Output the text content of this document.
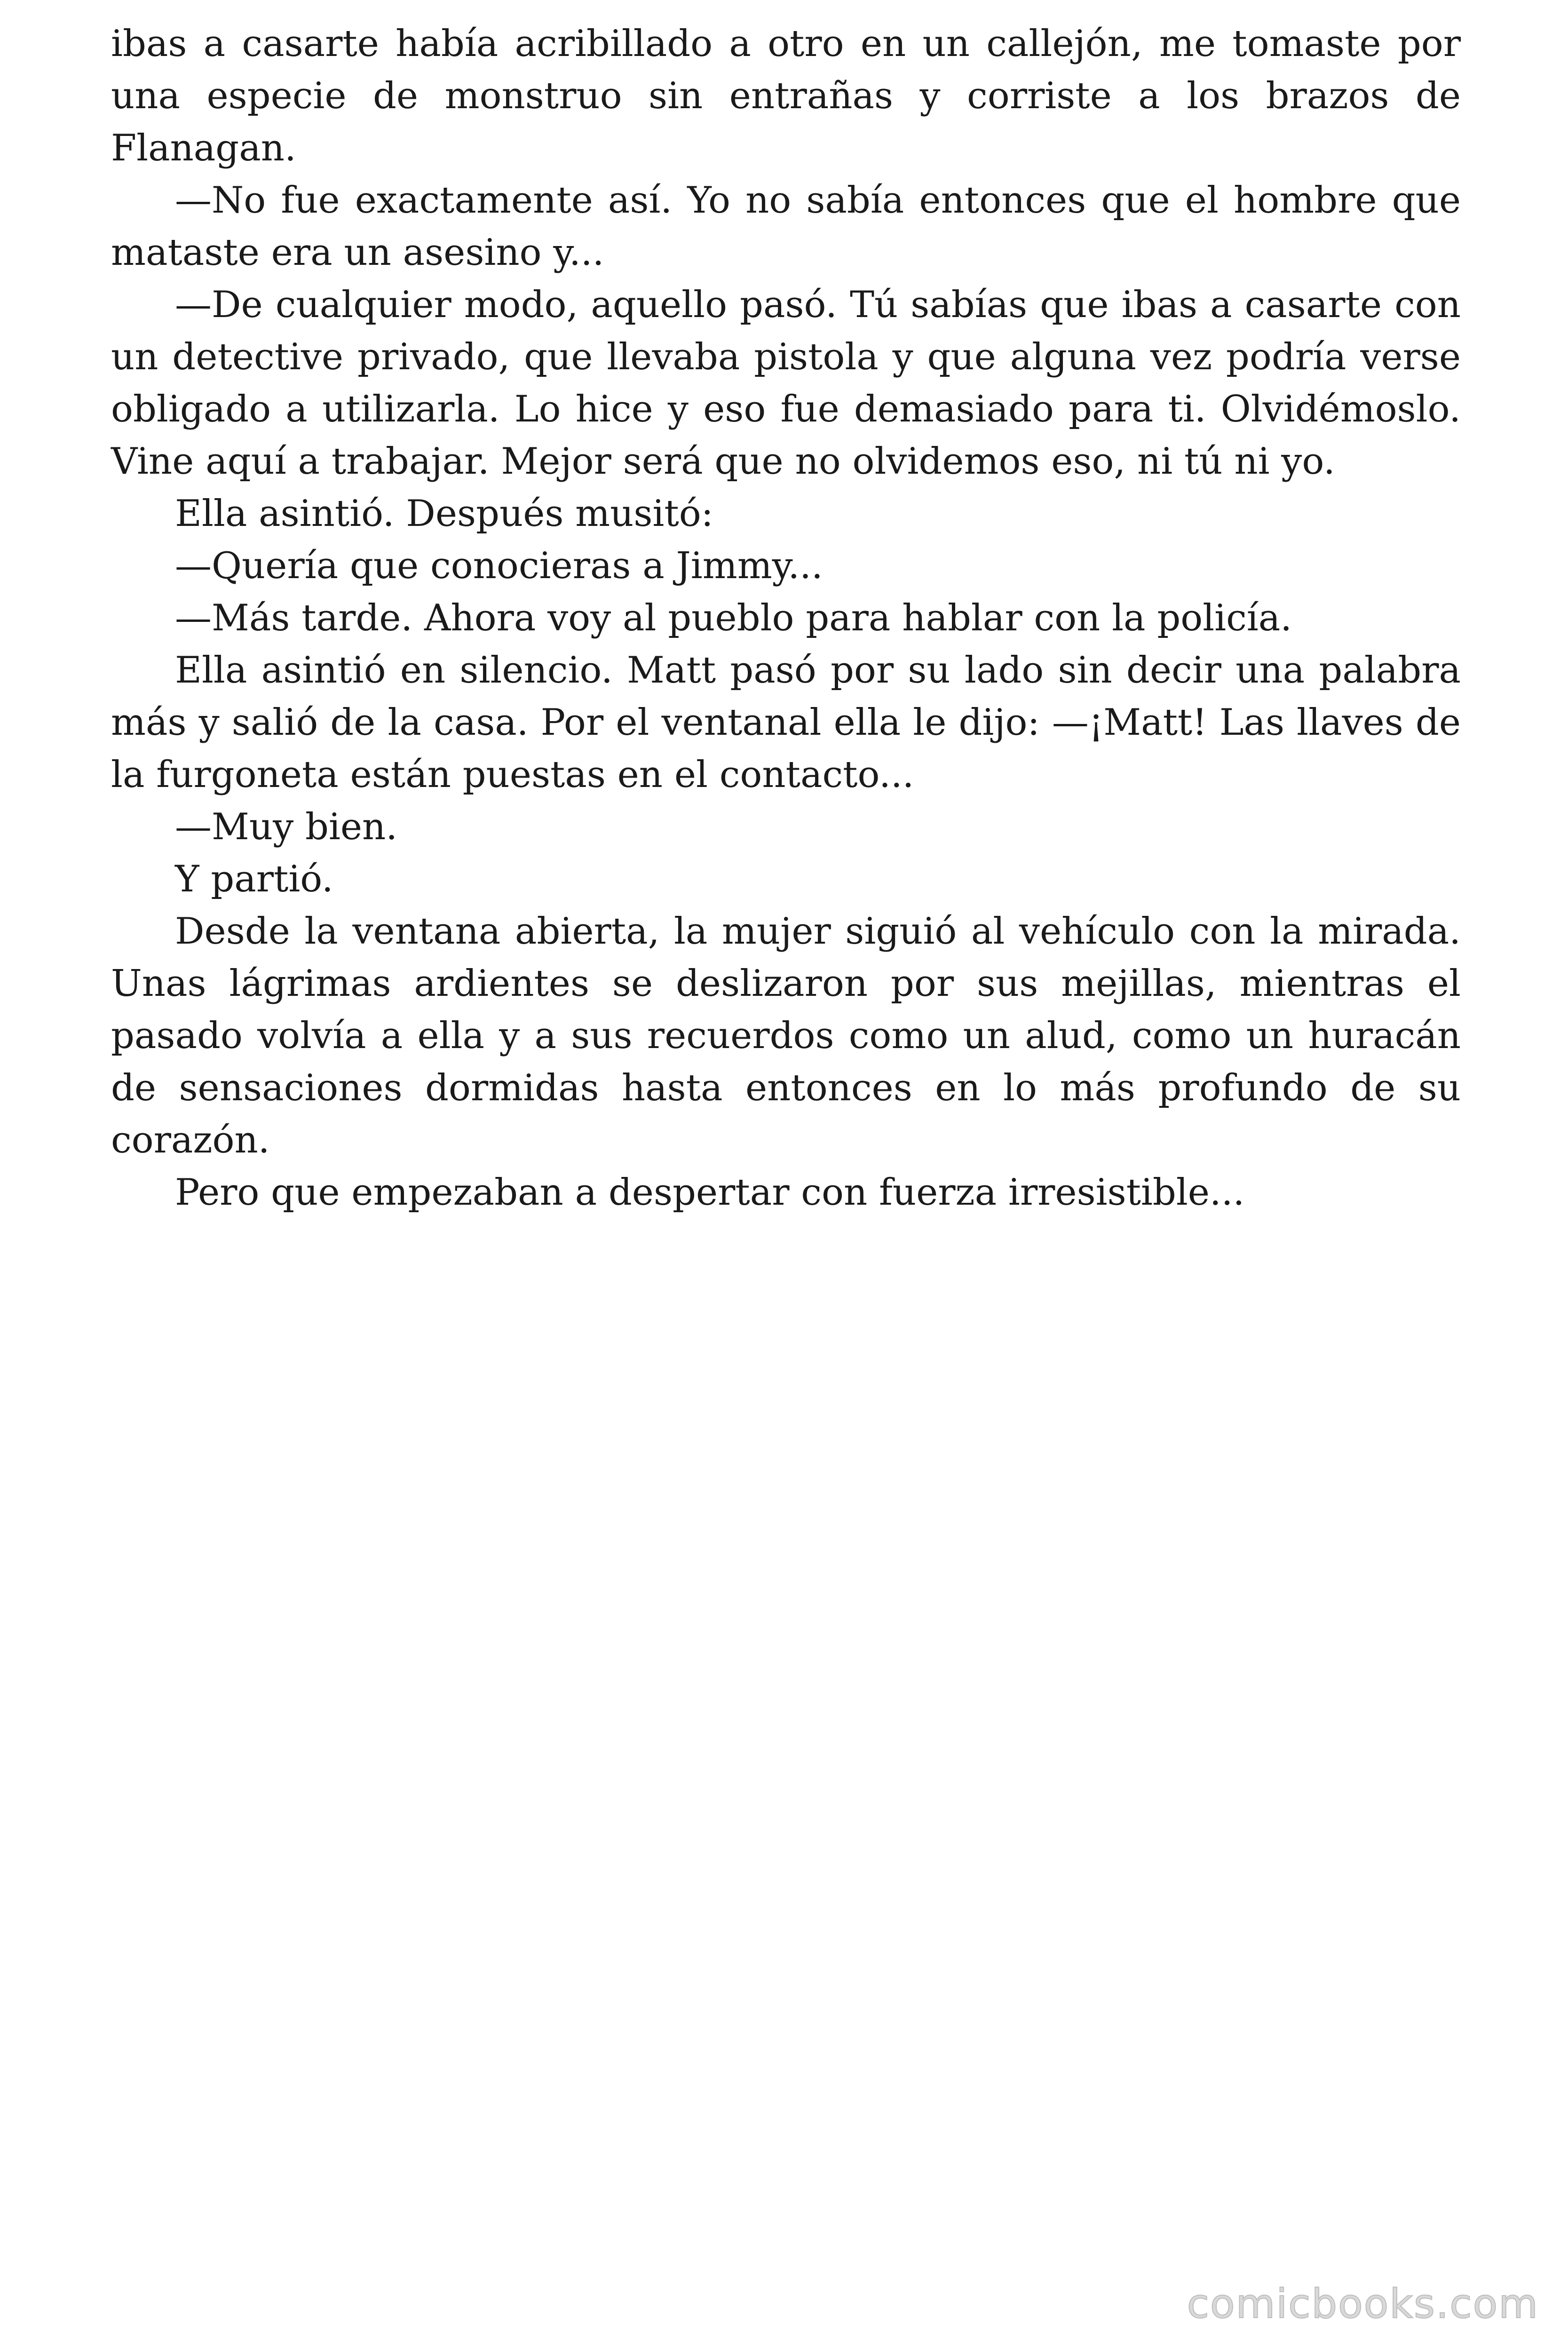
ibas a casarte había acribillado a otro en un callejón, me tomaste por una especie de monstruo sin entrañas y corriste a los brazos de Flanagan.

—No fue exactamente así. Yo no sabía entonces que el hombre que mataste era un asesino y...

—De cualquier modo, aquello pasó. Tú sabías que ibas a casarte con un detective privado, que llevaba pistola y que alguna vez podría verse obligado a utilizarla. Lo hice y eso fue demasiado para ti. Olvidémoslo. Vine aquí a trabajar. Mejor será que no olvidemos eso, ni tú ni yo.

Ella asintió. Después musitó:

—Quería que conocieras a Jimmy...

—Más tarde. Ahora voy al pueblo para hablar con la policía.

Ella asintió en silencio. Matt pasó por su lado sin decir una palabra más y salió de la casa. Por el ventanal ella le dijo: —¡Matt! Las llaves de la furgoneta están puestas en el contacto...

—Muy bien.

Y partió.

Desde la ventana abierta, la mujer siguió al vehículo con la mirada. Unas lágrimas ardientes se deslizaron por sus mejillas, mientras el pasado volvía a ella y a sus recuerdos como un alud, como un huracán de sensaciones dormidas hasta entonces en lo más profundo de su corazón.

Pero que empezaban a despertar con fuerza irresistible...

comicbooks.com
